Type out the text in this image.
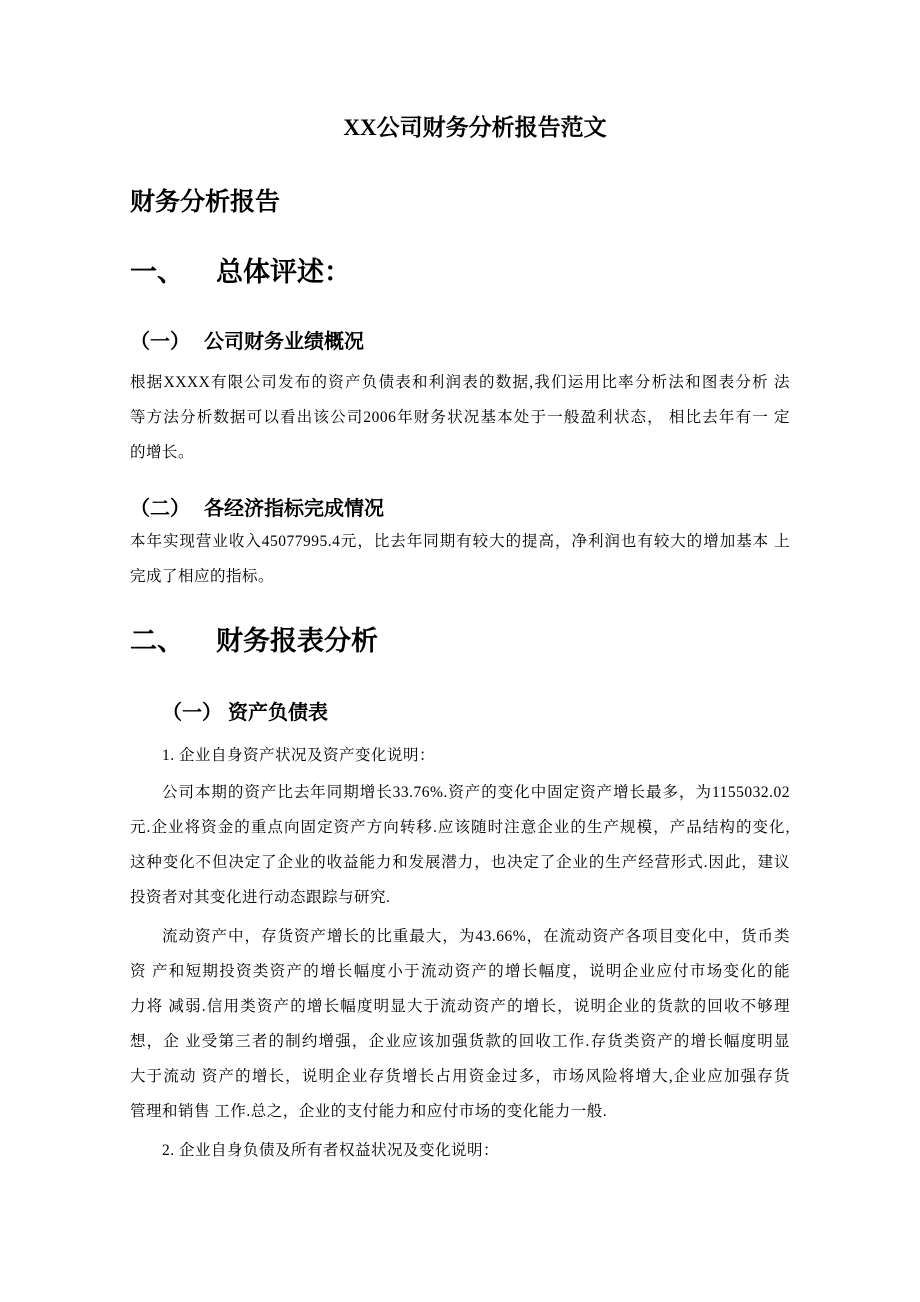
XX公司财务分析报告范文
财务分析报告
一、 总体评述：
（一） 公司财务业绩概况
根据XXXX有限公司发布的资产负债表和利润表的数据,我们运用比率分析法和图表分析 法
等方法分析数据可以看出该公司2006年财务状况基本处于一般盈利状态， 相比去年有一 定
的增长。
（二） 各经济指标完成情况
本年实现营业收入45077995.4元，比去年同期有较大的提高，净利润也有较大的增加基本 上
完成了相应的指标。
二、 财务报表分析
（一） 资产负债表
1. 企业自身资产状况及资产变化说明：
公司本期的资产比去年同期增长33.76%.资产的变化中固定资产增长最多，为1155032.02
元.企业将资金的重点向固定资产方向转移.应该随时注意企业的生产规模，产品结构的变化,
这种变化不但决定了企业的收益能力和发展潜力，也决定了企业的生产经营形式.因此，建议
投资者对其变化进行动态跟踪与研究.
流动资产中，存货资产增长的比重最大，为43.66%，在流动资产各项目变化中，货币类
资 产和短期投资类资产的增长幅度小于流动资产的增长幅度，说明企业应付市场变化的能
力将 减弱.信用类资产的增长幅度明显大于流动资产的增长，说明企业的货款的回收不够理
想，企 业受第三者的制约增强，企业应该加强货款的回收工作.存货类资产的增长幅度明显
大于流动 资产的增长，说明企业存货增长占用资金过多，市场风险将增大,企业应加强存货
管理和销售 工作.总之，企业的支付能力和应付市场的变化能力一般.
2. 企业自身负债及所有者权益状况及变化说明：
